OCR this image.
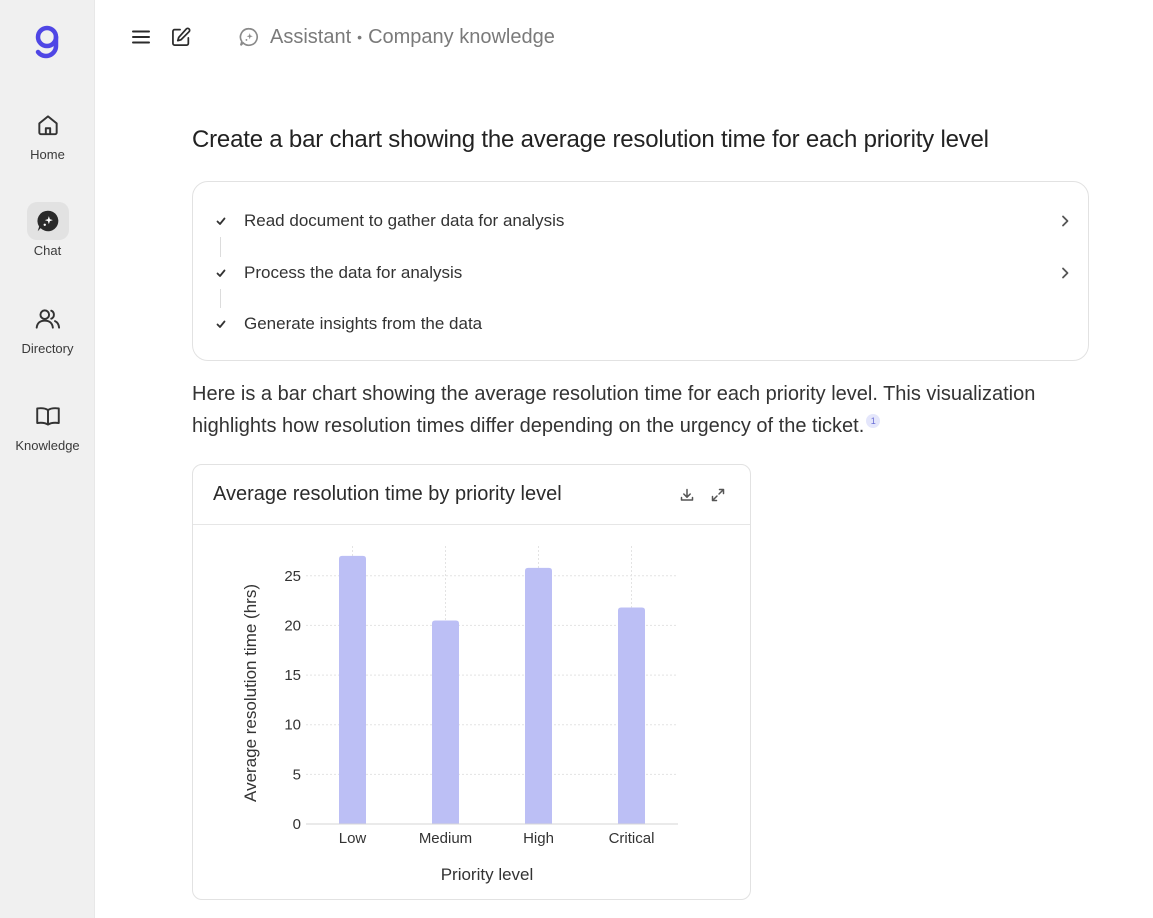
Home
Chat
Directory
Knowledge
Assistant • Company knowledge
Create a bar chart showing the average resolution time for each priority level
Read document to gather data for analysis
Process the data for analysis
Generate insights from the data
Here is a bar chart showing the average resolution time for each priority level. This visualization highlights how resolution times differ depending on the urgency of the ticket. 1
Average resolution time by priority level
0
5
10
15
20
25
Low	Medium	High	Critical
Average resolution time (hrs)
Priority level
